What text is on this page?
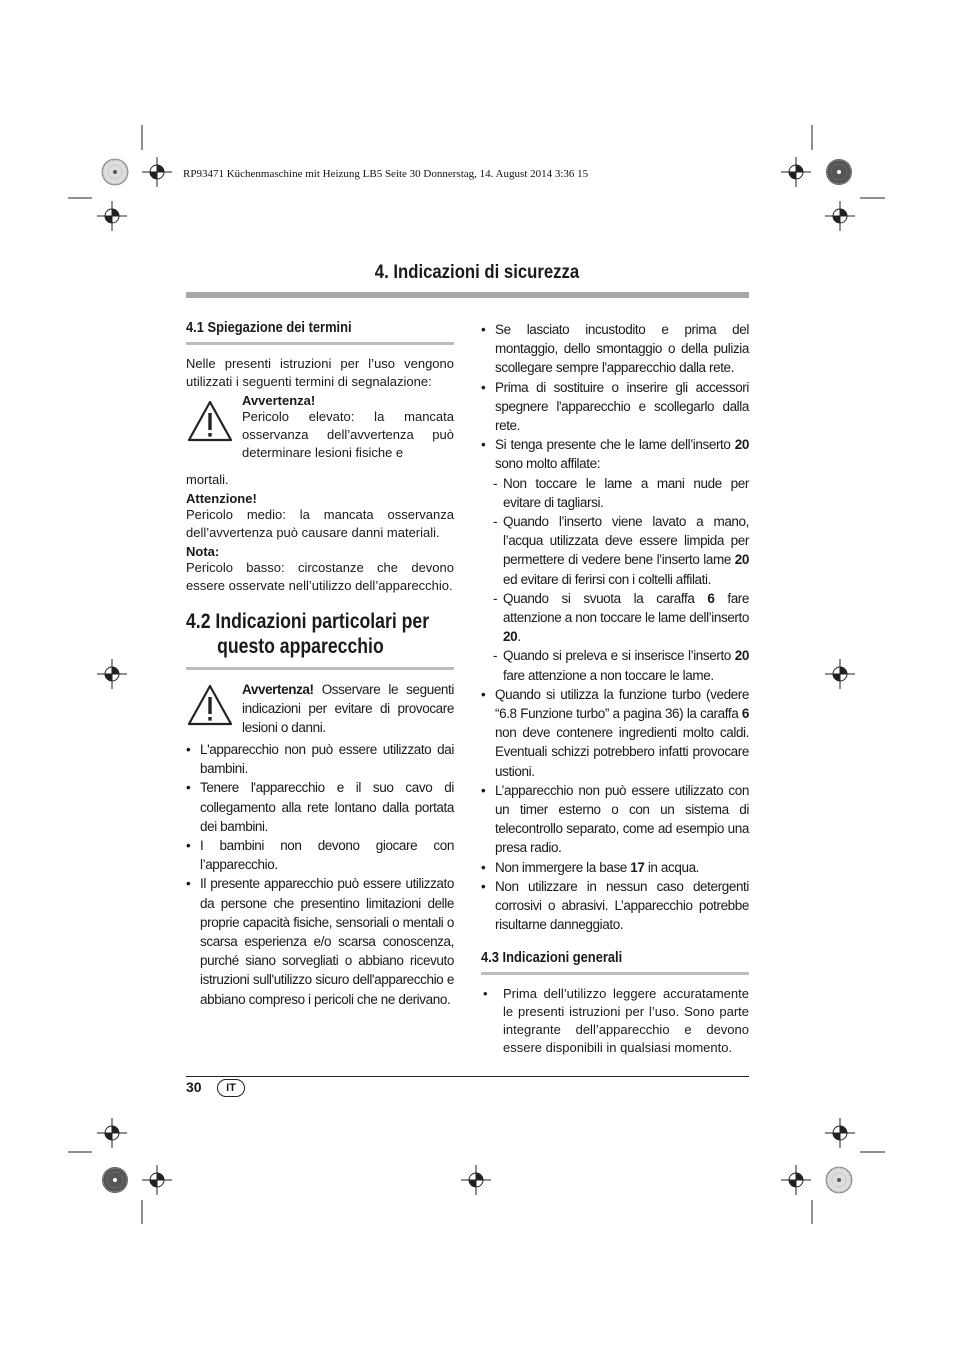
RP93471 Küchenmaschine mit Heizung LB5 Seite 30 Donnerstag, 14. August 2014 3:36 15
4. Indicazioni di sicurezza
4.1 Spiegazione dei termini
Nelle presenti istruzioni per l’uso vengono utilizzati i seguenti termini di segnalazione:
Avvertenza!
Pericolo elevato: la mancata osservanza dell’avvertenza può determinare lesioni fisiche e
mortali.
Attenzione!
Pericolo medio: la mancata osservanza dell’avvertenza può causare danni materiali.
Nota:
Pericolo basso: circostanze che devono essere osservate nell’utilizzo dell’apparecchio.
4.2 Indicazioni particolari per
questo apparecchio
Avvertenza! Osservare le seguenti indicazioni per evitare di provocare lesioni o danni.
• L'apparecchio non può essere utilizzato dai bambini.
• Tenere l'apparecchio e il suo cavo di collegamento alla rete lontano dalla portata dei bambini.
• I bambini non devono giocare con l’apparecchio.
• Il presente apparecchio può essere utilizzato da persone che presentino limitazioni delle proprie capacità fisiche, sensoriali o mentali o scarsa esperienza e/o scarsa conoscenza, purché siano sorvegliati o abbiano ricevuto istruzioni sull'utilizzo sicuro dell'apparecchio e abbiano compreso i pericoli che ne derivano.
• Se lasciato incustodito e prima del montaggio, dello smontaggio o della pulizia scollegare sempre l'apparecchio dalla rete.
• Prima di sostituire o inserire gli accessori spegnere l'apparecchio e scollegarlo dalla rete.
• Si tenga presente che le lame dell’inserto 20 sono molto affilate:
- Non toccare le lame a mani nude per evitare di tagliarsi.
- Quando l’inserto viene lavato a mano, l’acqua utilizzata deve essere limpida per permettere di vedere bene l’inserto lame 20 ed evitare di ferirsi con i coltelli affilati.
- Quando si svuota la caraffa 6 fare attenzione a non toccare le lame dell’inserto 20.
- Quando si preleva e si inserisce l’inserto 20 fare attenzione a non toccare le lame.
• Quando si utilizza la funzione turbo (vedere “6.8 Funzione turbo” a pagina 36) la caraffa 6 non deve contenere ingredienti molto caldi. Eventuali schizzi potrebbero infatti provocare ustioni.
• L’apparecchio non può essere utilizzato con un timer esterno o con un sistema di telecontrollo separato, come ad esempio una presa radio.
• Non immergere la base 17 in acqua.
• Non utilizzare in nessun caso detergenti corrosivi o abrasivi. L’apparecchio potrebbe risultarne danneggiato.
4.3 Indicazioni generali
• Prima dell’utilizzo leggere accuratamente le presenti istruzioni per l’uso. Sono parte integrante dell’apparecchio e devono essere disponibili in qualsiasi momento.
30	IT
